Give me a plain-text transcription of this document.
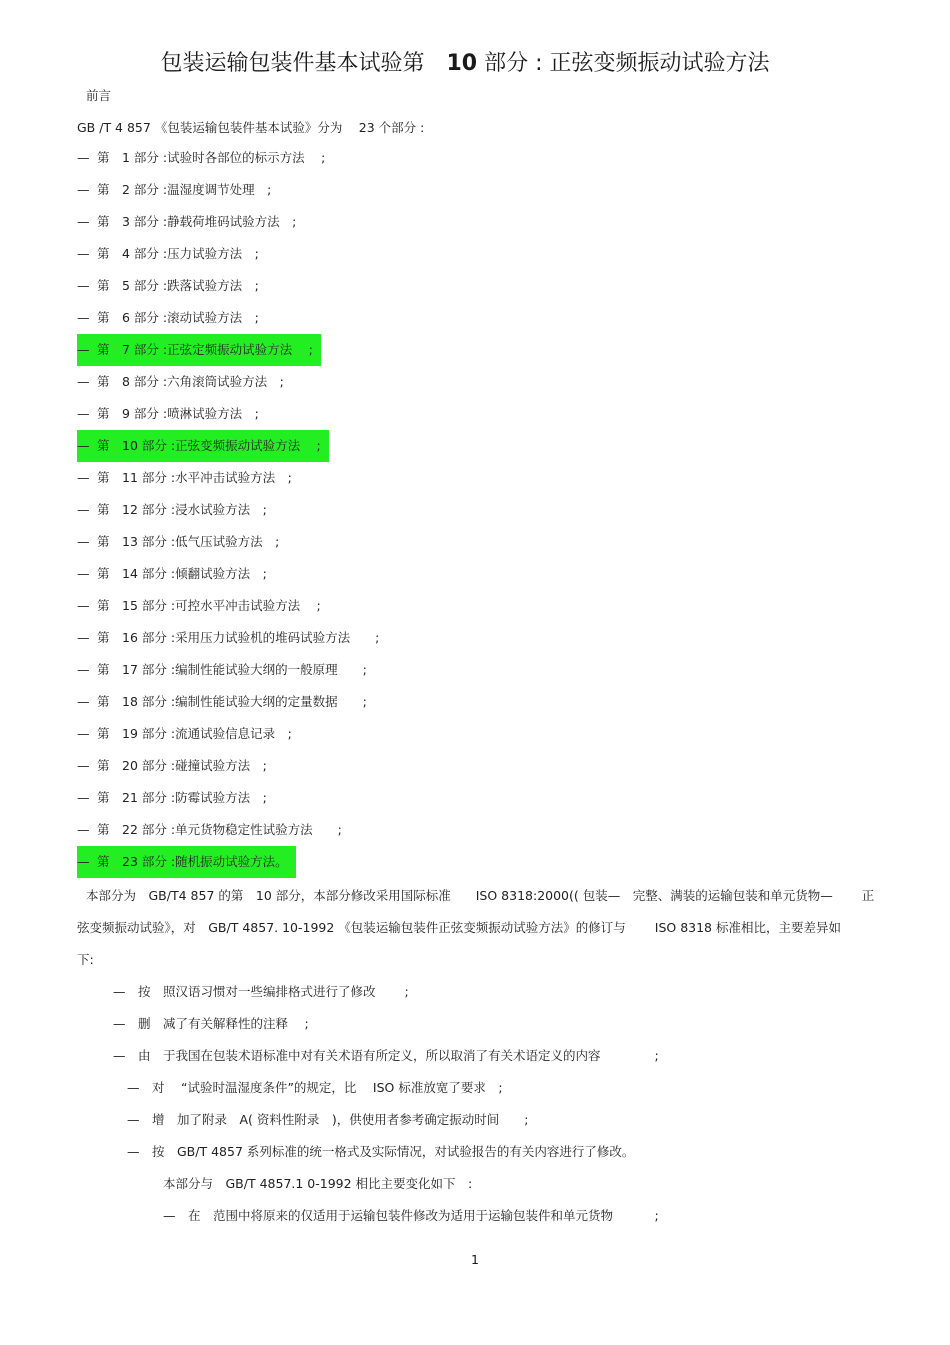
包装运输包装件基本试验第　10 部分 : 正弦变频振动试验方法
前言
GB /T 4 857 《包装运输包装件基本试验》分为　 23 个部分 :
— 第　1 部分 :试验时各部位的标示方法　 ;
— 第　2 部分 :温湿度调节处理　;
— 第　3 部分 :静载荷堆码试验方法　;
— 第　4 部分 :压力试验方法　;
— 第　5 部分 :跌落试验方法　;
— 第　6 部分 :滚动试验方法　;
— 第　7 部分 :正弦定频振动试验方法　 ;
— 第　8 部分 :六角滚筒试验方法　;
— 第　9 部分 :喷淋试验方法　;
— 第　10 部分 :正弦变频振动试验方法　 ;
— 第　11 部分 :水平冲击试验方法　;
— 第　12 部分 :浸水试验方法　;
— 第　13 部分 :低气压试验方法　;
— 第　14 部分 :倾翻试验方法　;
— 第　15 部分 :可控水平冲击试验方法　 ;
— 第　16 部分 :采用压力试验机的堆码试验方法　　;
— 第　17 部分 :编制性能试验大纲的一般原理　　;
— 第　18 部分 :编制性能试验大纲的定量数据　　;
— 第　19 部分 :流通试验信息记录　;
— 第　20 部分 :碰撞试验方法　;
— 第　21 部分 :防霉试验方法　;
— 第　22 部分 :单元货物稳定性试验方法　　;
— 第　23 部分 :随机振动试验方法。
本部分为　GB/T4 857 的第　10 部分，本部分修改采用国际标准　　ISO 8318:2000(( 包装—　完整、满装的运输包装和单元货物—　　 正
弦变频振动试验》，对　GB/T 4857. 10-1992 《包装运输包装件正弦变频振动试验方法》的修订与　　 ISO 8318 标准相比，主要差异如
下:
—　按　照汉语习惯对一些编排格式进行了修改　　 ;
—　删　减了有关解释性的注释　 ;
—　由　于我国在包装术语标准中对有关术语有所定义，所以取消了有关术语定义的内容　　　　 ;
—　对　 “试验时温湿度条件”的规定，比　 ISO 标准放宽了要求　;
—　增　加了附录　A( 资料性附录　)，供使用者参考确定振动时间　　;
—　按　GB/T 4857 系列标准的统一格式及实际情况，对试验报告的有关内容进行了修改。
本部分与　GB/T 4857.1 0-1992 相比主要变化如下　:
—　在　范围中将原来的仅适用于运输包装件修改为适用于运输包装件和单元货物　　　 ;
1
